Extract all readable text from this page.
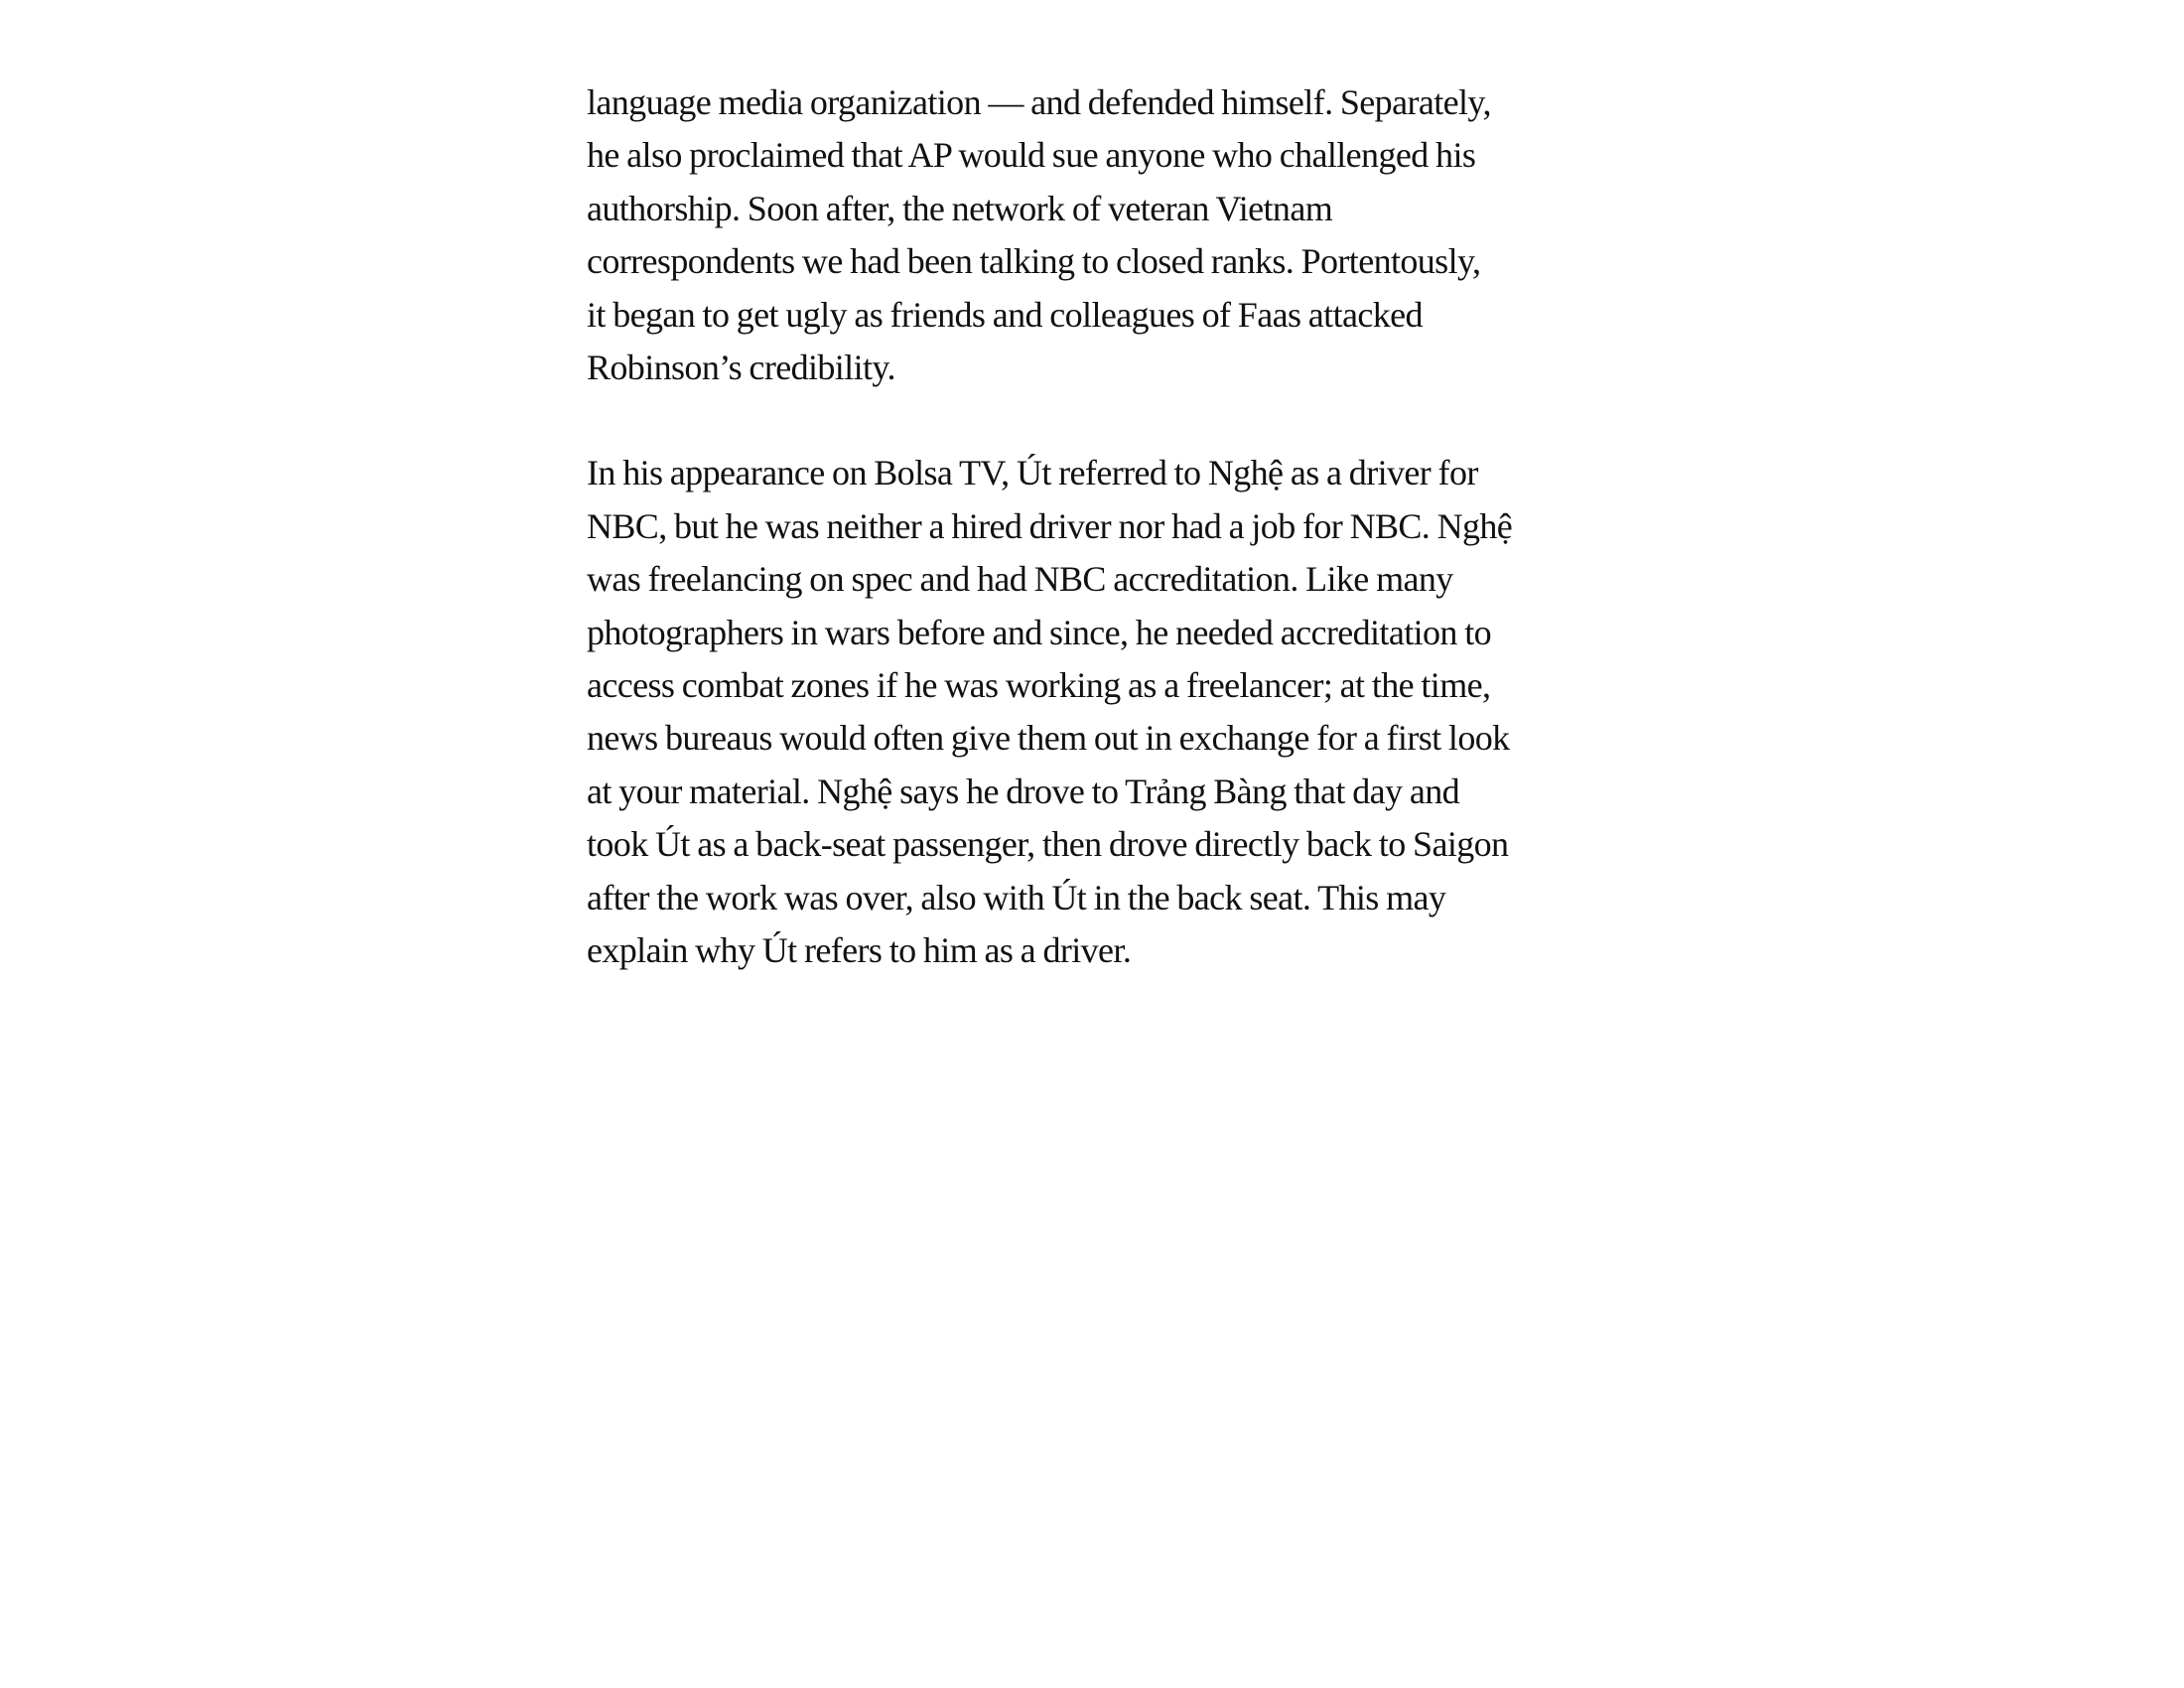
language media organization — and defended himself. Separately,
he also proclaimed that AP would sue anyone who challenged his
authorship. Soon after, the network of veteran Vietnam
correspondents we had been talking to closed ranks. Portentously,
it began to get ugly as friends and colleagues of Faas attacked
Robinson’s credibility.

In his appearance on Bolsa TV, Út referred to Nghệ as a driver for
NBC, but he was neither a hired driver nor had a job for NBC. Nghệ
was freelancing on spec and had NBC accreditation. Like many
photographers in wars before and since, he needed accreditation to
access combat zones if he was working as a freelancer; at the time,
news bureaus would often give them out in exchange for a first look
at your material. Nghệ says he drove to Trảng Bàng that day and
took Út as a back-seat passenger, then drove directly back to Saigon
after the work was over, also with Út in the back seat. This may
explain why Út refers to him as a driver.
